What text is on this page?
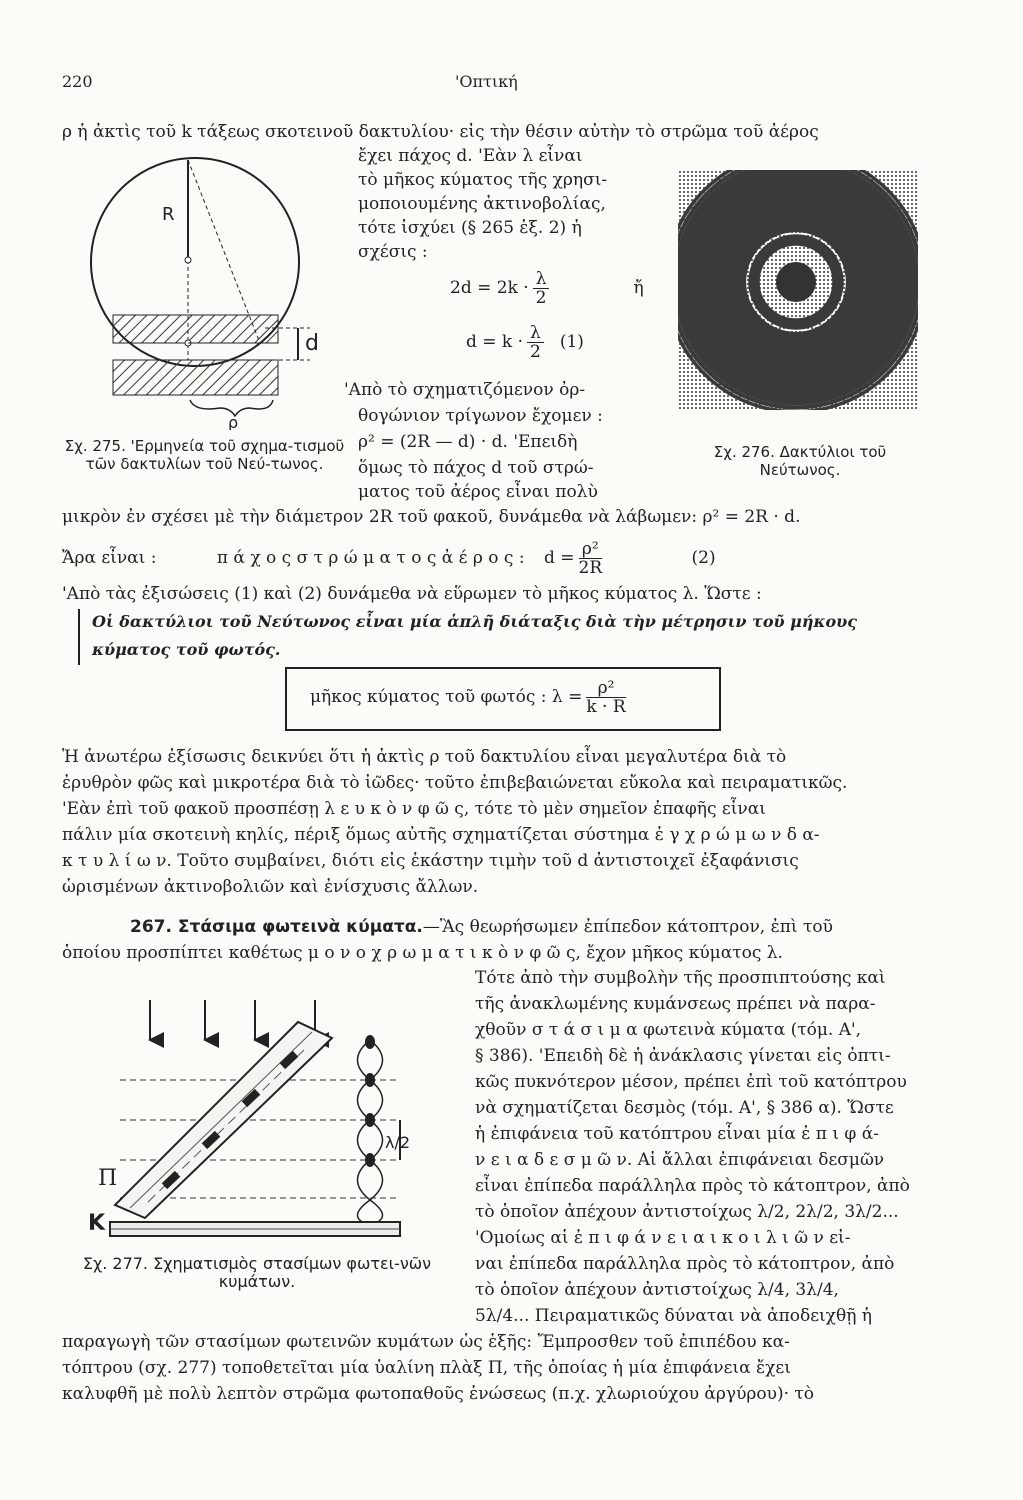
220	'Οπτική
ρ ἡ ἀκτὶς τοῦ k τάξεως σκοτεινοῦ δακτυλίου· εἰς τὴν θέσιν αὐτὴν τὸ στρῶμα τοῦ ἀέρος
R
d
ρ
Σχ. 275. 'Ερμηνεία τοῦ σχημα-τισμοῦ τῶν δακτυλίων τοῦ Νεύ-τωνος.
ἔχει πάχος d. 'Εὰν λ εἶναι
τὸ μῆκος κύματος τῆς χρησι-
μοποιουμένης ἀκτινοβολίας,
τότε ἰσχύει (§ 265 ἑξ. 2) ἡ
σχέσις :
$2d = 2k \cdot \frac{\lambda}{2}$	ἤ
$d = k \cdot \frac{\lambda}{2} (1)$
'Απὸ τὸ σχηματιζόμενον ὀρ-
θογώνιον τρίγωνον ἔχομεν :
ρ² = (2R — d) · d. 'Επειδὴ
ὅμως τὸ πάχος d τοῦ στρώ-
ματος τοῦ ἀέρος εἶναι πολὺ
Σχ. 276. Δακτύλιοι τοῦ Νεύτωνος.
μικρὸν ἐν σχέσει μὲ τὴν διάμετρον 2R τοῦ φακοῦ, δυνάμεθα νὰ λάβωμεν: ρ² = 2R · d.
Ἄρα εἶναι :	π ά χ ο ς σ τ ρ ώ μ α τ ο ς ἀ έ ρ ο ς : $d = \frac{\text{ρ²}}{2R}$	(2)
'Απὸ τὰς ἐξισώσεις (1) καὶ (2) δυνάμεθα νὰ εὕρωμεν τὸ μῆκος κύματος λ. Ὥστε :
Οἱ δακτύλιοι τοῦ Νεύτωνος εἶναι μία ἁπλῆ διάταξις διὰ τὴν μέτρησιν τοῦ μήκους
κύματος τοῦ φωτός.
μῆκος κύματος τοῦ φωτός : $\lambda = \frac{\text{ρ²}}{k \cdot R}$
Ἡ ἀνωτέρω ἐξίσωσις δεικνύει ὅτι ἡ ἀκτὶς ρ τοῦ δακτυλίου εἶναι μεγαλυτέρα διὰ τὸ
ἐρυθρὸν φῶς καὶ μικροτέρα διὰ τὸ ἰῶδες· τοῦτο ἐπιβεβαιώνεται εὔκολα καὶ πειραματικῶς.
'Εὰν ἐπὶ τοῦ φακοῦ προσπέσῃ λ ε υ κ ὸ ν φ ῶ ς, τότε τὸ μὲν σημεῖον ἐπαφῆς εἶναι
πάλιν μία σκοτεινὴ κηλίς, πέριξ ὅμως αὐτῆς σχηματίζεται σύστημα ἐ γ χ ρ ώ μ ω ν δ α-
κ τ υ λ ί ω ν. Τοῦτο συμβαίνει, διότι εἰς ἑκάστην τιμὴν τοῦ d ἀντιστοιχεῖ ἐξαφάνισις
ὡρισμένων ἀκτινοβολιῶν καὶ ἐνίσχυσις ἄλλων.
267. Στάσιμα φωτεινὰ κύματα.—Ἂς θεωρήσωμεν ἐπίπεδον κάτοπτρον, ἐπὶ τοῦ
ὁποίου προσπίπτει καθέτως μ ο ν ο χ ρ ω μ α τ ι κ ὸ ν φ ῶ ς, ἔχον μῆκος κύματος λ.
Κ
Π
λ/2
Σχ. 277. Σχηματισμὸς στασίμων φωτει-νῶν κυμάτων.
Τότε ἀπὸ τὴν συμβολὴν τῆς προσπιπτούσης καὶ
τῆς ἀνακλωμένης κυμάνσεως πρέπει νὰ παρα-
χθοῦν σ τ ά σ ι μ α φωτεινὰ κύματα (τόμ. Α',
§ 386). 'Επειδὴ δὲ ἡ ἀνάκλασις γίνεται εἰς ὀπτι-
κῶς πυκνότερον μέσον, πρέπει ἐπὶ τοῦ κατόπτρου
νὰ σχηματίζεται δεσμὸς (τόμ. Α', § 386 α). Ὥστε
ἡ ἐπιφάνεια τοῦ κατόπτρου εἶναι μία ἐ π ι φ ά-
ν ε ι α δ ε σ μ ῶ ν. Αἱ ἄλλαι ἐπιφάνειαι δεσμῶν
εἶναι ἐπίπεδα παράλληλα πρὸς τὸ κάτοπτρον, ἀπὸ
τὸ ὁποῖον ἀπέχουν ἀντιστοίχως λ/2, 2λ/2, 3λ/2...
'Ομοίως αἱ ἐ π ι φ ά ν ε ι α ι κ ο ι λ ι ῶ ν εἰ-
ναι ἐπίπεδα παράλληλα πρὸς τὸ κάτοπτρον, ἀπὸ
τὸ ὁποῖον ἀπέχουν ἀντιστοίχως λ/4, 3λ/4,
5λ/4... Πειραματικῶς δύναται νὰ ἀποδειχθῇ ἡ
παραγωγὴ τῶν στασίμων φωτεινῶν κυμάτων ὡς ἑξῆς: Ἔμπροσθεν τοῦ ἐπιπέδου κα-
τόπτρου (σχ. 277) τοποθετεῖται μία ὑαλίνη πλὰξ Π, τῆς ὁποίας ἡ μία ἐπιφάνεια ἔχει
καλυφθῆ μὲ πολὺ λεπτὸν στρῶμα φωτοπαθοῦς ἑνώσεως (π.χ. χλωριούχου ἀργύρου)· τὸ
